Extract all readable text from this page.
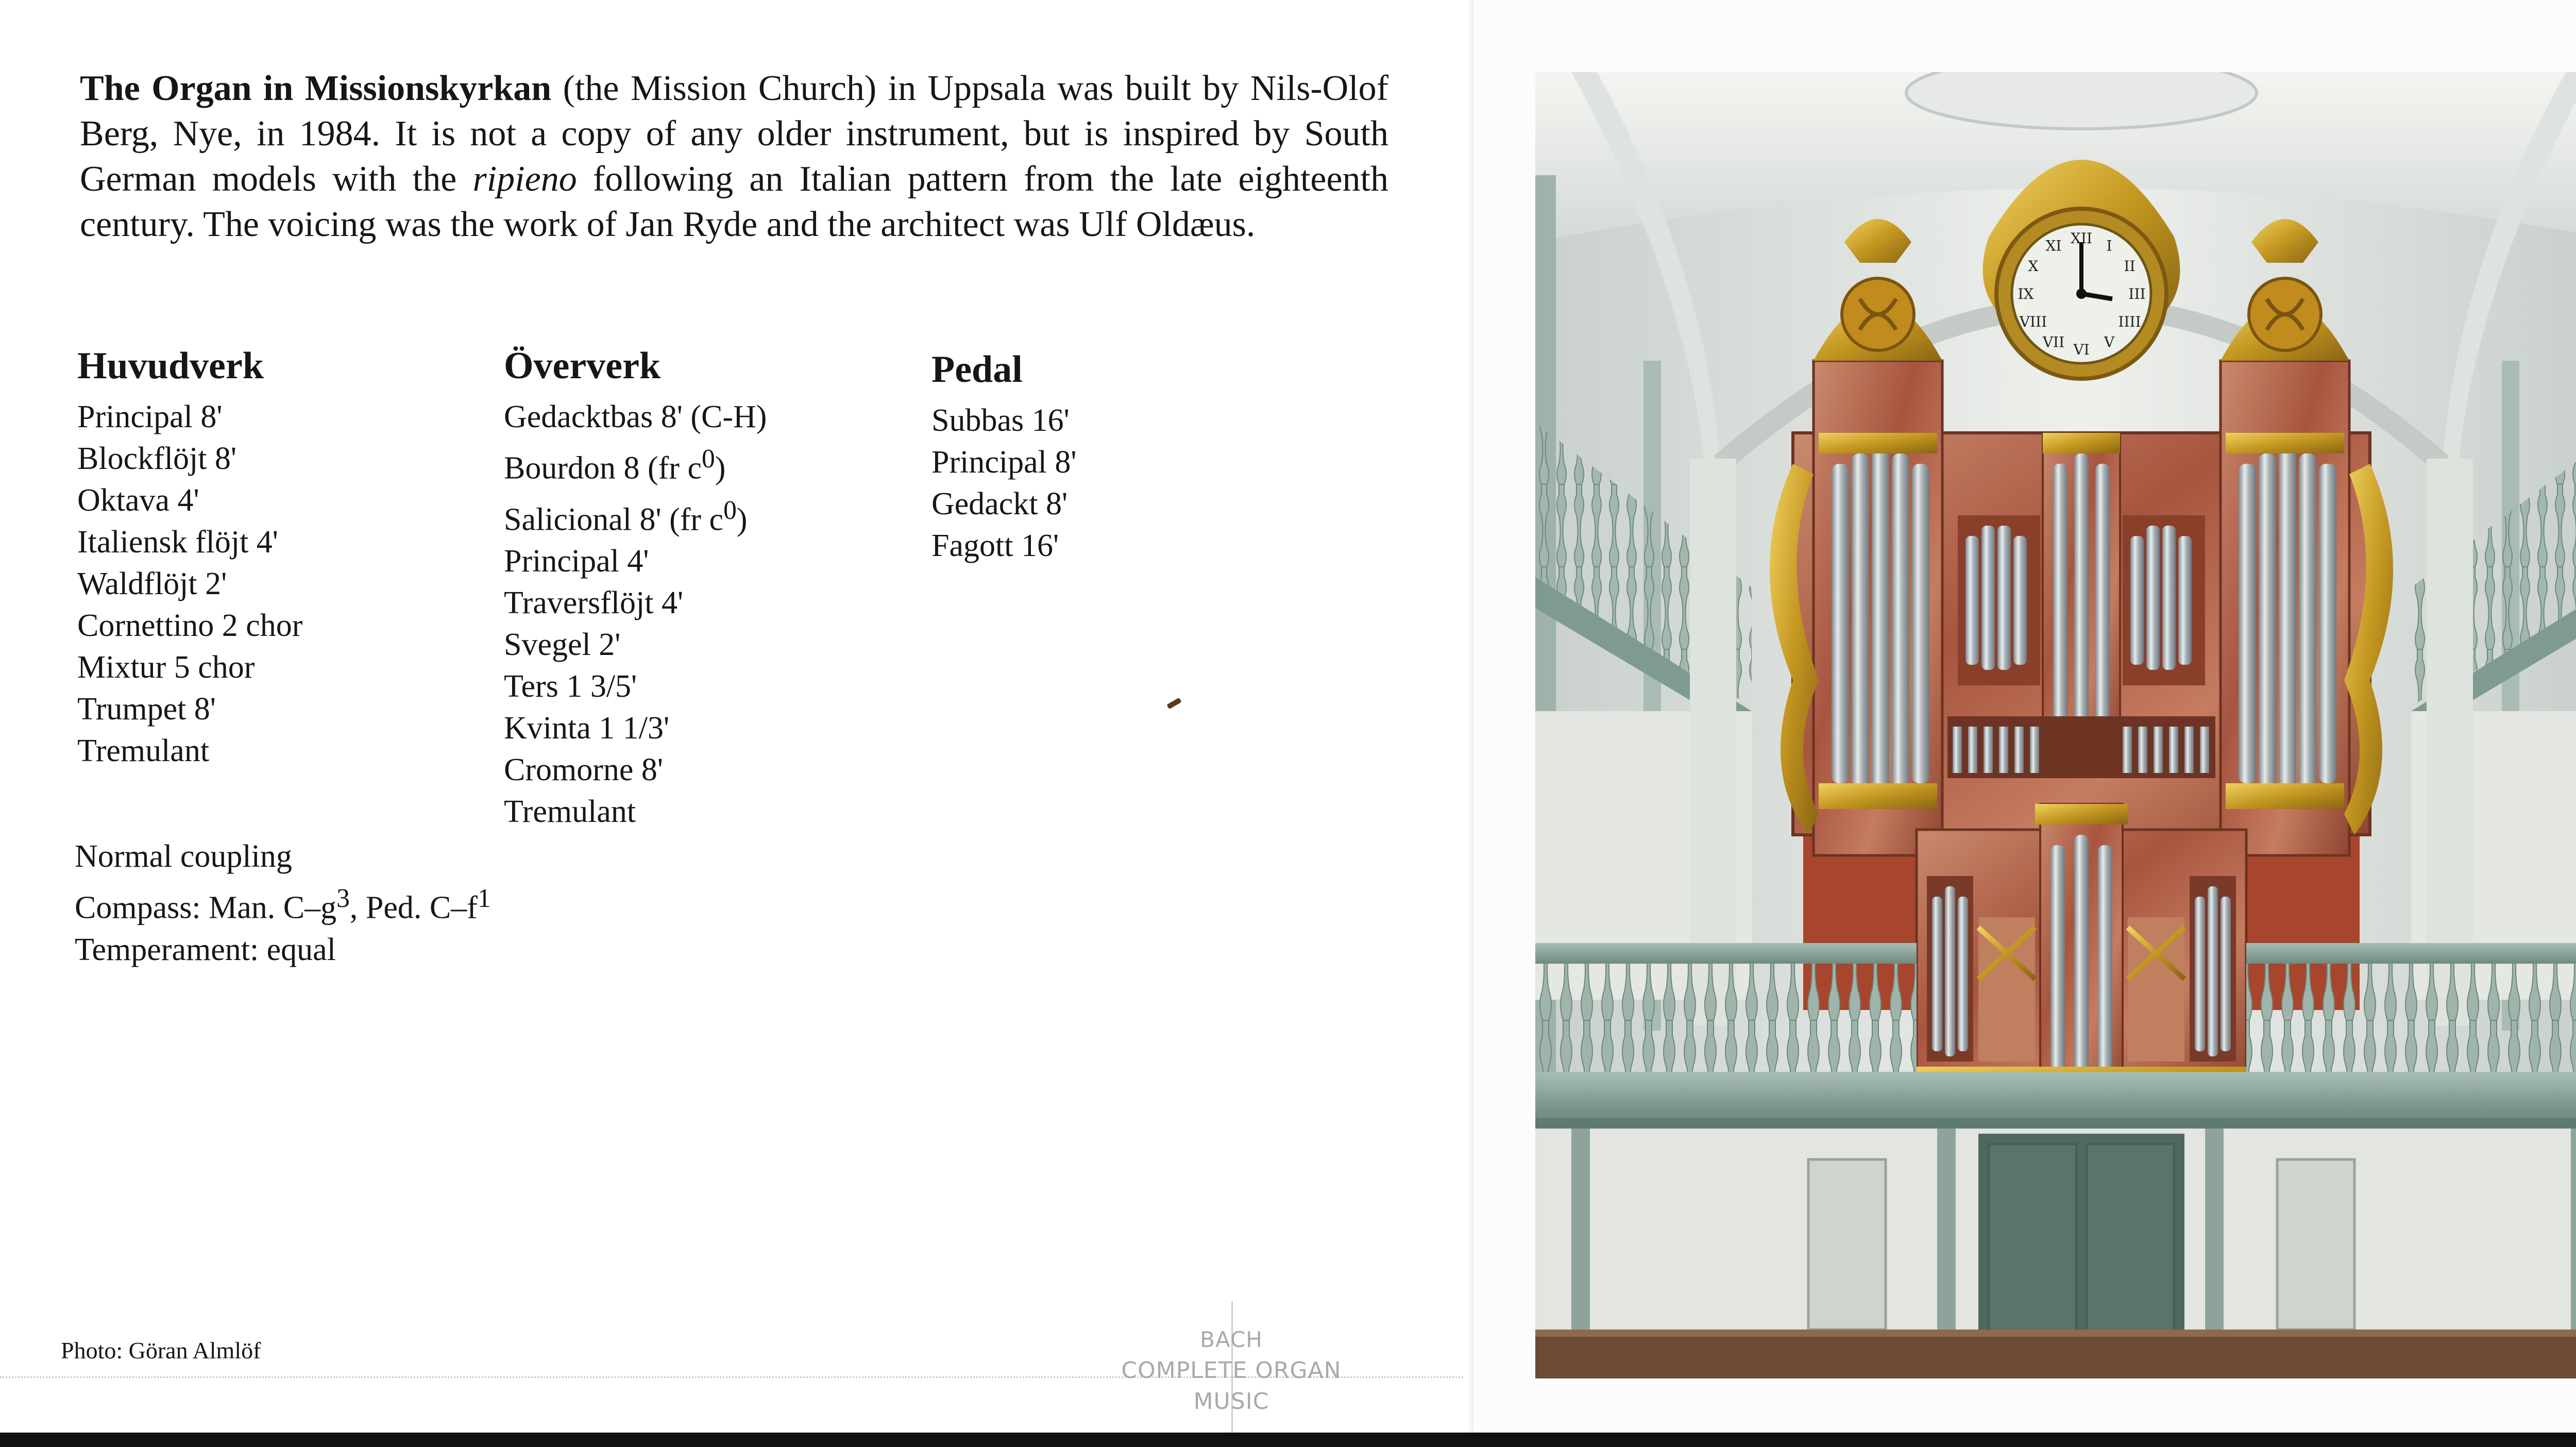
The Organ in Missionskyrkan (the Mission Church) in Uppsala was built by Nils-Olof Berg, Nye, in 1984. It is not a copy of any older instrument, but is inspired by South German models with the ripieno following an Italian pattern from the late eighteenth century. The voicing was the work of Jan Ryde and the architect was Ulf Oldæus.

Huvudverk
Principal 8'
Blockflöjt 8'
Oktava 4'
Italiensk flöjt 4'
Waldflöjt 2'
Cornettino 2 chor
Mixtur 5 chor
Trumpet 8'
Tremulant
Öververk
Gedacktbas 8' (C-H)
Bourdon 8 (fr $c^0$)
Salicional 8' (fr $c^0$)
Principal 4'
Traversflöjt 4'
Svegel 2'
Ters 1 3/5'
Kvinta 1 1/3'
Cromorne 8'
Tremulant
Pedal
Subbas 16'
Principal 8'
Gedackt 8'
Fagott 16'
Normal coupling
Compass: Man. $C-g^3$, Ped. $C-f^1$
Temperament: equal
Photo: Göran Almlöf	BACH
COMPLETE ORGAN MUSIC
XII I
II
III
IIII
V
VI
VII
VIII
IX
X
XI
